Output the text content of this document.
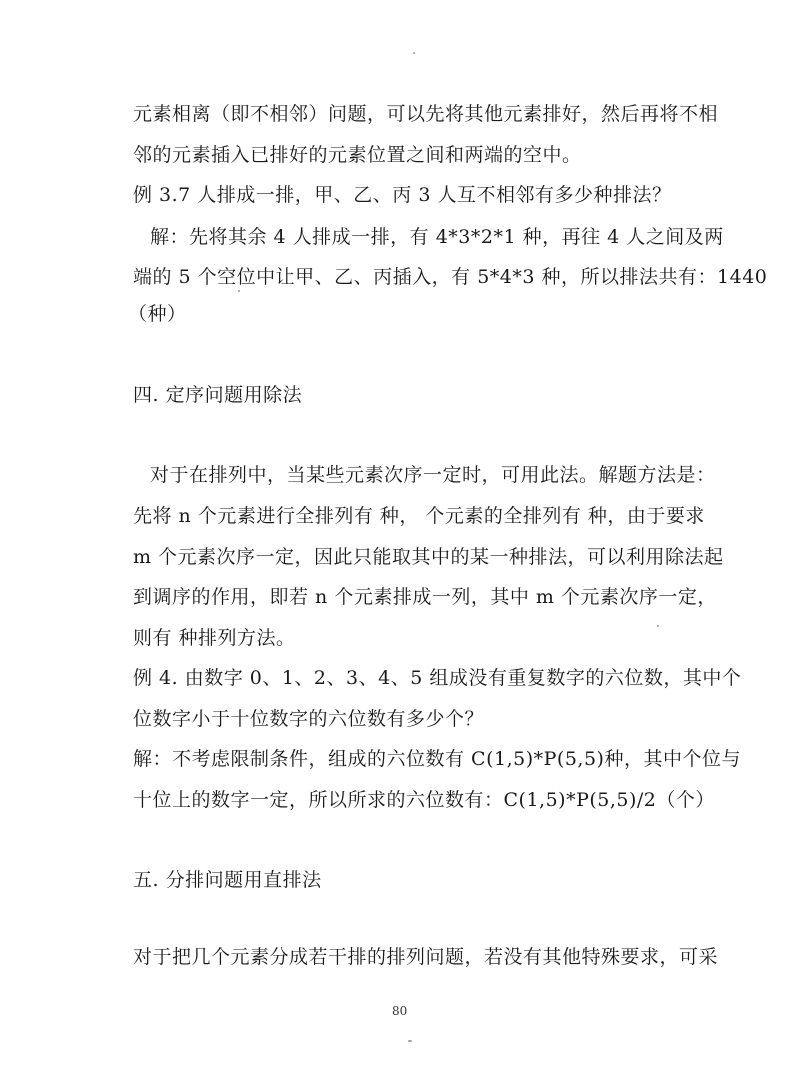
元素相离（即不相邻）问题，可以先将其他元素排好，然后再将不相
邻的元素插入已排好的元素位置之间和两端的空中。
例 3.7 人排成一排，甲、乙、丙 3 人互不相邻有多少种排法？
解：先将其余 4 人排成一排，有 4*3*2*1 种，再往 4 人之间及两
端的 5 个空位中让甲、乙、丙插入，有 5*4*3 种，所以排法共有：1440
（种）
四. 定序问题用除法
对于在排列中，当某些元素次序一定时，可用此法。解题方法是：
先将 n 个元素进行全排列有 种， 个元素的全排列有 种，由于要求
m 个元素次序一定，因此只能取其中的某一种排法，可以利用除法起
到调序的作用，即若 n 个元素排成一列，其中 m 个元素次序一定，
则有 种排列方法。
例 4. 由数字 0、1、2、3、4、5 组成没有重复数字的六位数，其中个
位数字小于十位数字的六位数有多少个？
解：不考虑限制条件，组成的六位数有 C(1,5)*P(5,5)种，其中个位与
十位上的数字一定，所以所求的六位数有：C(1,5)*P(5,5)/2（个）
五. 分排问题用直排法
对于把几个元素分成若干排的排列问题，若没有其他特殊要求，可采
80
